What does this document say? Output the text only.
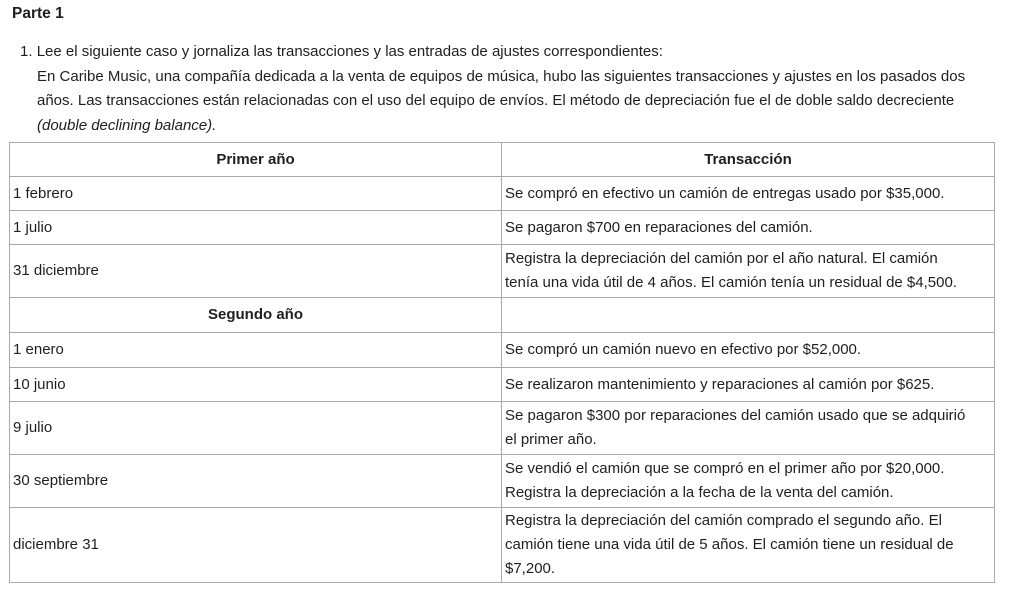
Parte 1
1. Lee el siguiente caso y jornaliza las transacciones y las entradas de ajustes correspondientes:
En Caribe Music, una compañía dedicada a la venta de equipos de música, hubo las siguientes transacciones y ajustes en los pasados dos
años. Las transacciones están relacionadas con el uso del equipo de envíos. El método de depreciación fue el de doble saldo decreciente
(double declining balance).
Primer año	Transacción
1 febrero	Se compró en efectivo un camión de entregas usado por $35,000.
1 julio	Se pagaron $700 en reparaciones del camión.
31 diciembre	Registra la depreciación del camión por el año natural. El camión
tenía una vida útil de 4 años. El camión tenía un residual de $4,500.

Segundo año	
1 enero	Se compró un camión nuevo en efectivo por $52,000.
10 junio	Se realizaron mantenimiento y reparaciones al camión por $625.
9 julio	Se pagaron $300 por reparaciones del camión usado que se adquirió
el primer año.

30 septiembre	Se vendió el camión que se compró en el primer año por $20,000.
Registra la depreciación a la fecha de la venta del camión.

diciembre 31	Registra la depreciación del camión comprado el segundo año. El
camión tiene una vida útil de 5 años. El camión tiene un residual de
$7,200.
